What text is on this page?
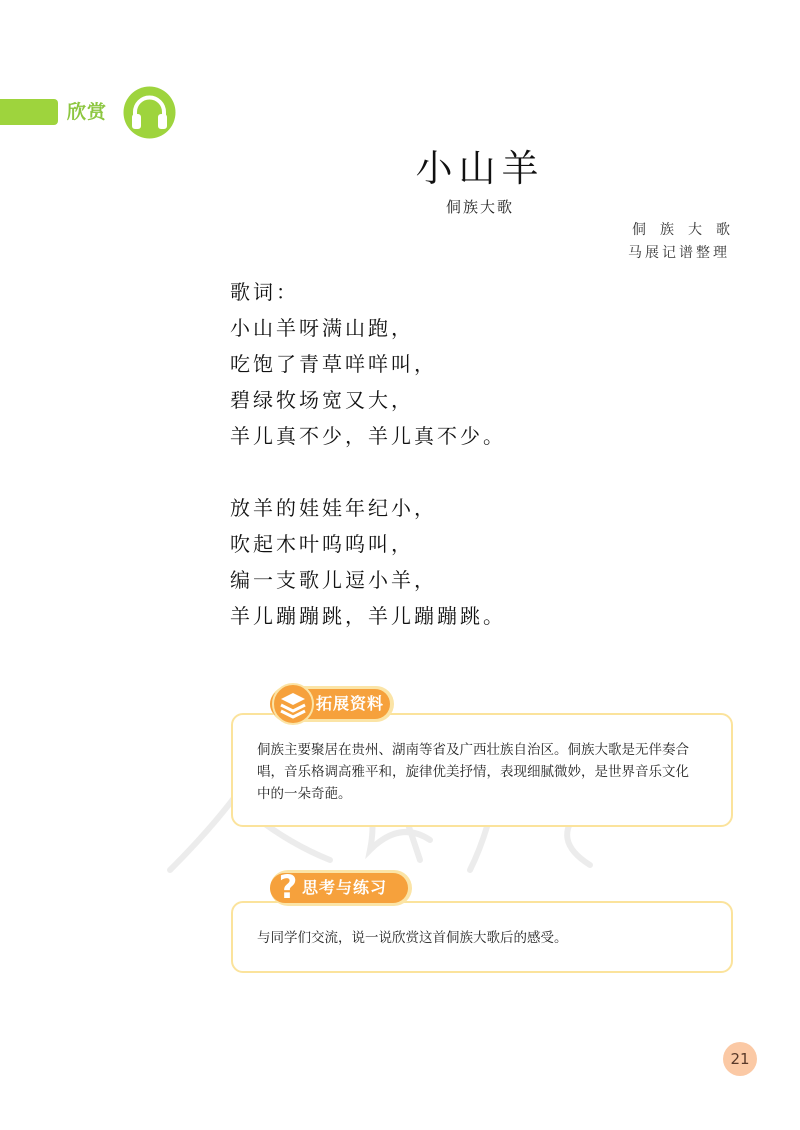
欣赏
小山羊
侗族大歌
侗族大歌
马展记谱整理
歌词：
小山羊呀满山跑，
吃饱了青草咩咩叫，
碧绿牧场宽又大，
羊儿真不少，羊儿真不少。
放羊的娃娃年纪小，
吹起木叶呜呜叫，
编一支歌儿逗小羊，
羊儿蹦蹦跳，羊儿蹦蹦跳。
侗族主要聚居在贵州、湖南等省及广西壮族自治区。侗族大歌是无伴奏合
唱，音乐格调高雅平和，旋律优美抒情，表现细腻微妙，是世界音乐文化
中的一朵奇葩。
拓展资料
与同学们交流，说一说欣赏这首侗族大歌后的感受。
? 思考与练习
21
